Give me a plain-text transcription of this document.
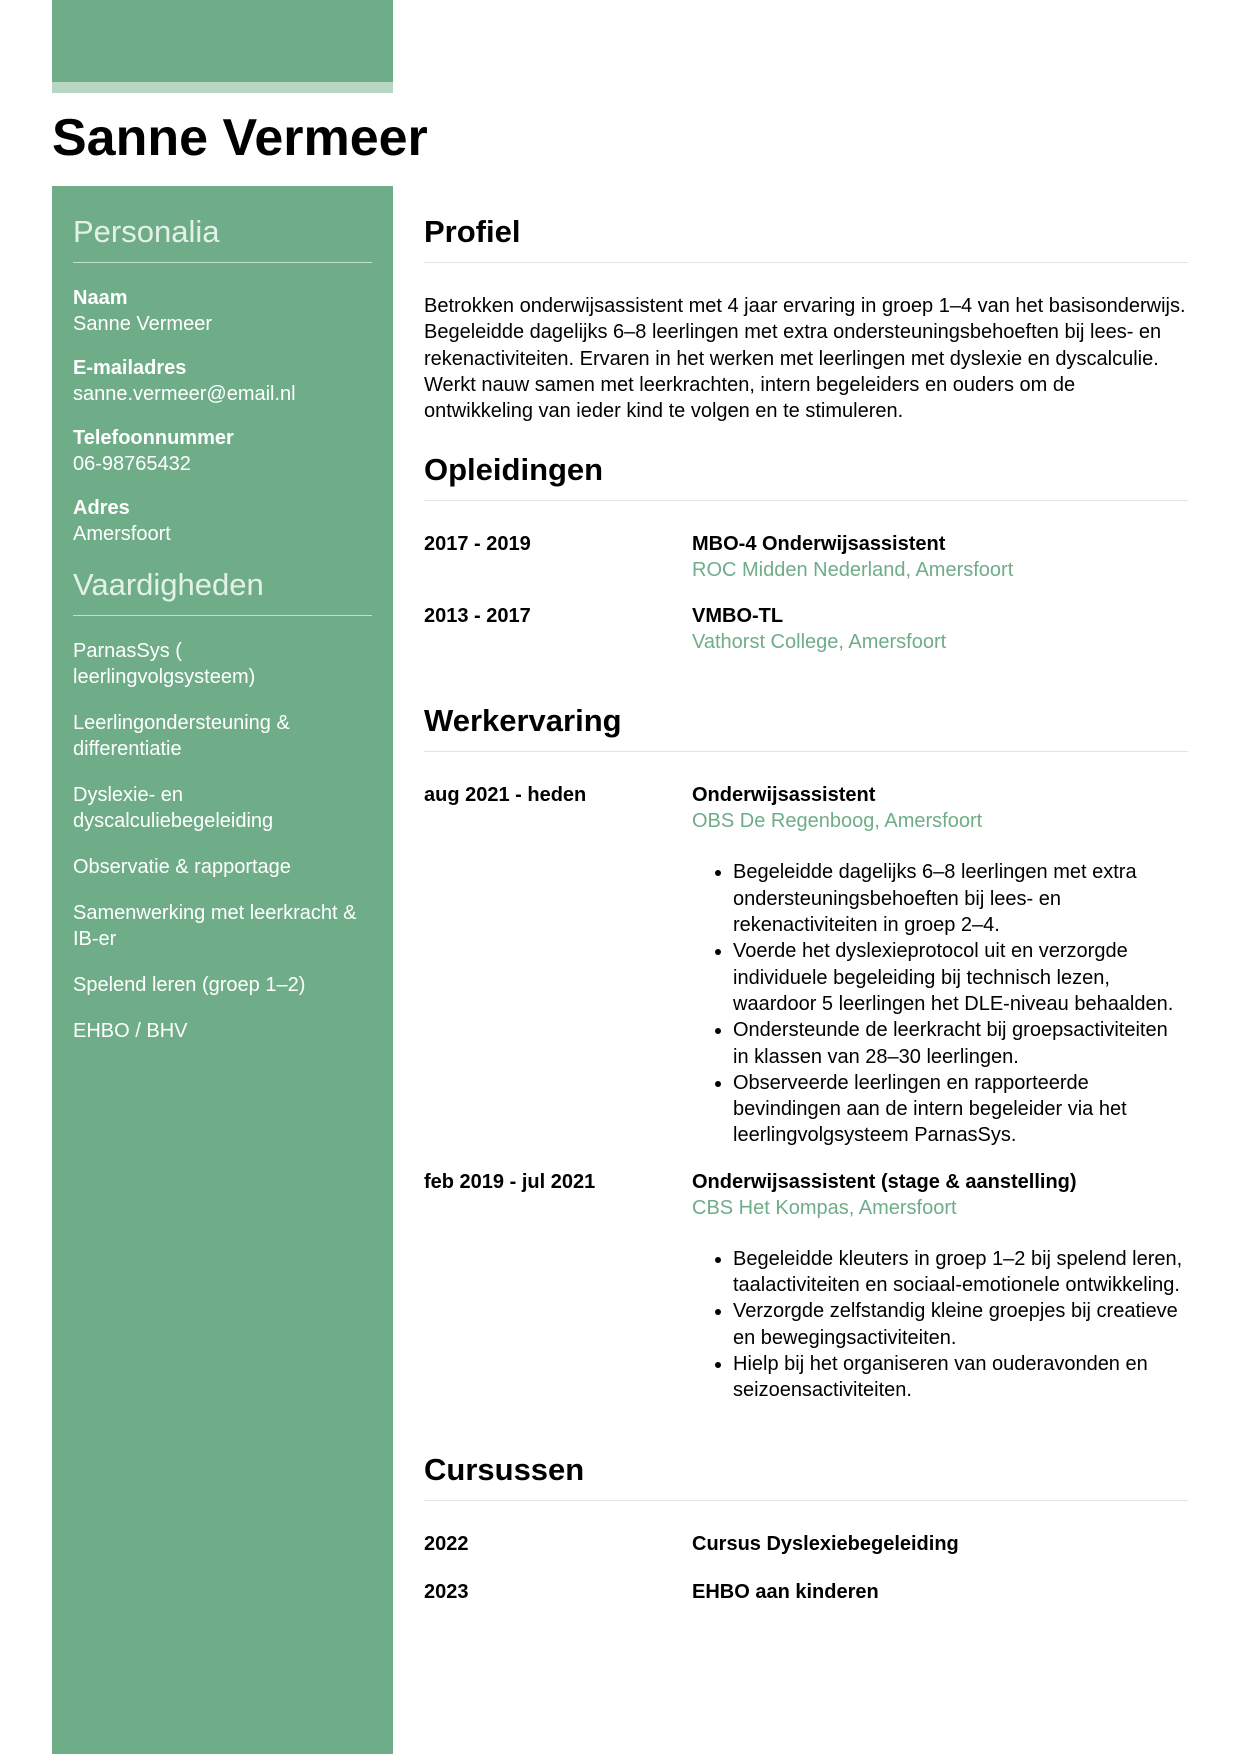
Sanne Vermeer
Personalia
Naam
Sanne Vermeer
E-mailadres
sanne.vermeer@email.nl
Telefoonnummer
06-98765432
Adres
Amersfoort
Vaardigheden
ParnasSys ( leerlingvolgsysteem)
Leerlingondersteuning & differentiatie
Dyslexie- en dyscalculiebegeleiding
Observatie & rapportage
Samenwerking met leerkracht & IB-er
Spelend leren (groep 1–2)
EHBO / BHV
Profiel

Betrokken onderwijsassistent met 4 jaar ervaring in groep 1–4 van het basisonderwijs. Begeleidde dagelijks 6–8 leerlingen met extra ondersteuningsbehoeften bij lees- en rekenactiviteiten. Ervaren in het werken met leerlingen met dyslexie en dyscalculie. Werkt nauw samen met leerkrachten, intern begeleiders en ouders om de ontwikkeling van ieder kind te volgen en te stimuleren.

Opleidingen
2017 - 2019	MBO-4 Onderwijsassistent
ROC Midden Nederland, Amersfoort
2013 - 2017	VMBO-TL
Vathorst College, Amersfoort
Werkervaring
aug 2021 - heden	Onderwijsassistent
OBS De Regenboog, Amersfoort
• Begeleidde dagelijks 6–8 leerlingen met extra ondersteuningsbehoeften bij lees- en rekenactiviteiten in groep 2–4.
• Voerde het dyslexieprotocol uit en verzorgde individuele begeleiding bij technisch lezen, waardoor 5 leerlingen het DLE-niveau behaalden.
• Ondersteunde de leerkracht bij groepsactiviteiten in klassen van 28–30 leerlingen.
• Observeerde leerlingen en rapporteerde bevindingen aan de intern begeleider via het leerlingvolgsysteem ParnasSys.
feb 2019 - jul 2021	Onderwijsassistent (stage & aanstelling)
CBS Het Kompas, Amersfoort
• Begeleidde kleuters in groep 1–2 bij spelend leren, taalactiviteiten en sociaal-emotionele ontwikkeling.
• Verzorgde zelfstandig kleine groepjes bij creatieve en bewegingsactiviteiten.
• Hielp bij het organiseren van ouderavonden en seizoensactiviteiten.
Cursussen
2022	Cursus Dyslexiebegeleiding
2023	EHBO aan kinderen
